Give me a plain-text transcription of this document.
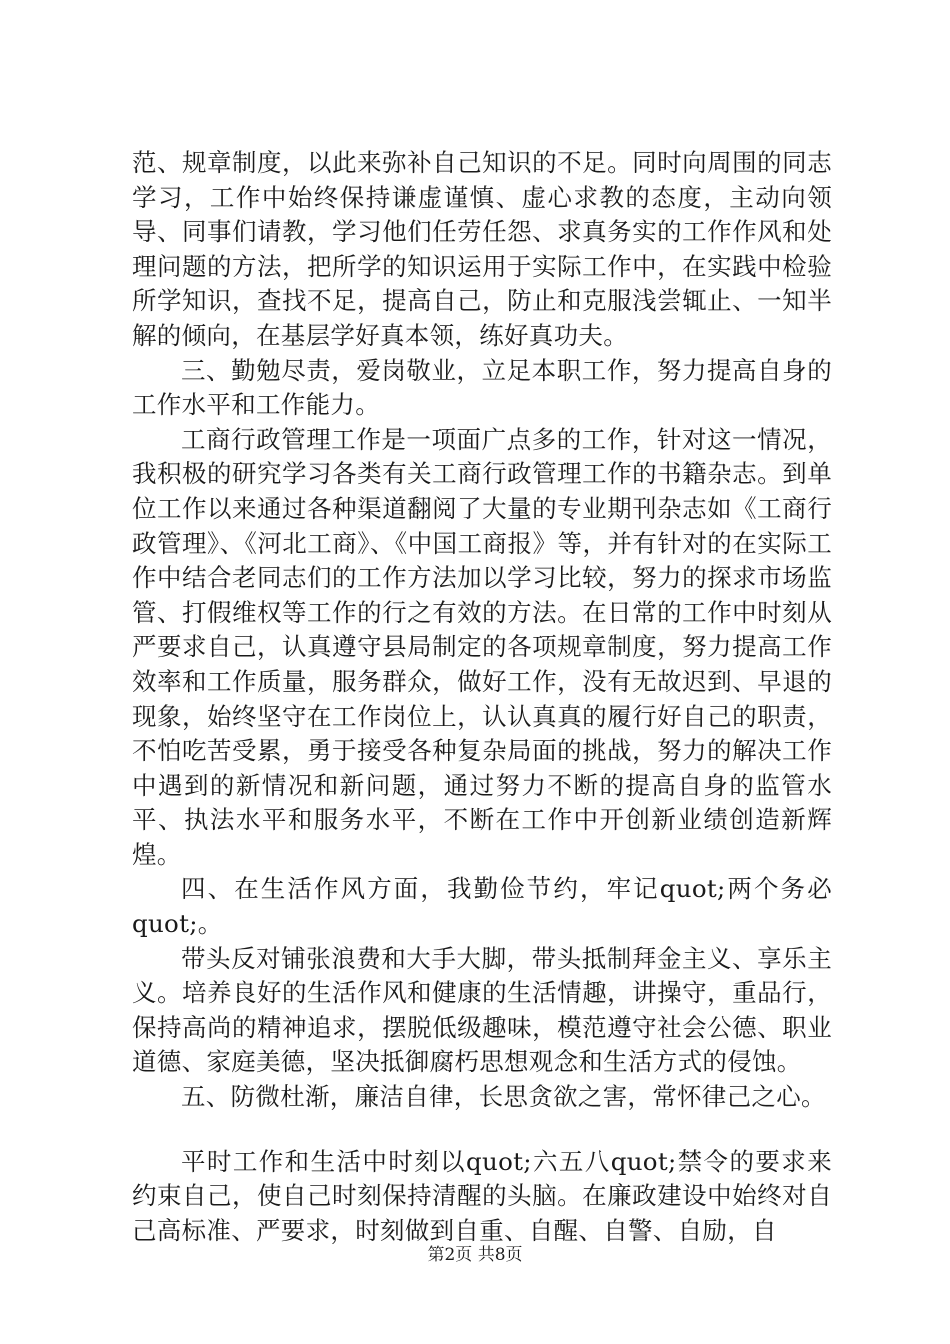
范、规章制度，以此来弥补自己知识的不足。同时向周围的同志学习，工作中始终保持谦虚谨慎、虚心求教的态度，主动向领导、同事们请教，学习他们任劳任怨、求真务实的工作作风和处理问题的方法，把所学的知识运用于实际工作中，在实践中检验所学知识，查找不足，提高自己，防止和克服浅尝辄止、一知半解的倾向，在基层学好真本领，练好真功夫。

三、勤勉尽责，爱岗敬业，立足本职工作，努力提高自身的工作水平和工作能力。

工商行政管理工作是一项面广点多的工作，针对这一情况，我积极的研究学习各类有关工商行政管理工作的书籍杂志。到单位工作以来通过各种渠道翻阅了大量的专业期刊杂志如《工商行政管理》、《河北工商》、《中国工商报》等，并有针对的在实际工作中结合老同志们的工作方法加以学习比较，努力的探求市场监管、打假维权等工作的行之有效的方法。在日常的工作中时刻从严要求自己，认真遵守县局制定的各项规章制度，努力提高工作效率和工作质量，服务群众，做好工作，没有无故迟到、早退的现象，始终坚守在工作岗位上，认认真真的履行好自己的职责，不怕吃苦受累，勇于接受各种复杂局面的挑战，努力的解决工作中遇到的新情况和新问题，通过努力不断的提高自身的监管水平、执法水平和服务水平，不断在工作中开创新业绩创造新辉煌。

四、在生活作风方面，我勤俭节约，牢记quot;两个务必quot;。

带头反对铺张浪费和大手大脚，带头抵制拜金主义、享乐主义。培养良好的生活作风和健康的生活情趣，讲操守，重品行，保持高尚的精神追求，摆脱低级趣味，模范遵守社会公德、职业道德、家庭美德，坚决抵御腐朽思想观念和生活方式的侵蚀。

五、防微杜渐，廉洁自律，长思贪欲之害，常怀律己之心。

平时工作和生活中时刻以quot;六五八quot;禁令的要求来约束自己，使自己时刻保持清醒的头脑。在廉政建设中始终对自己高标准、严要求，时刻做到自重、自醒、自警、自励，自

第2页 共8页
